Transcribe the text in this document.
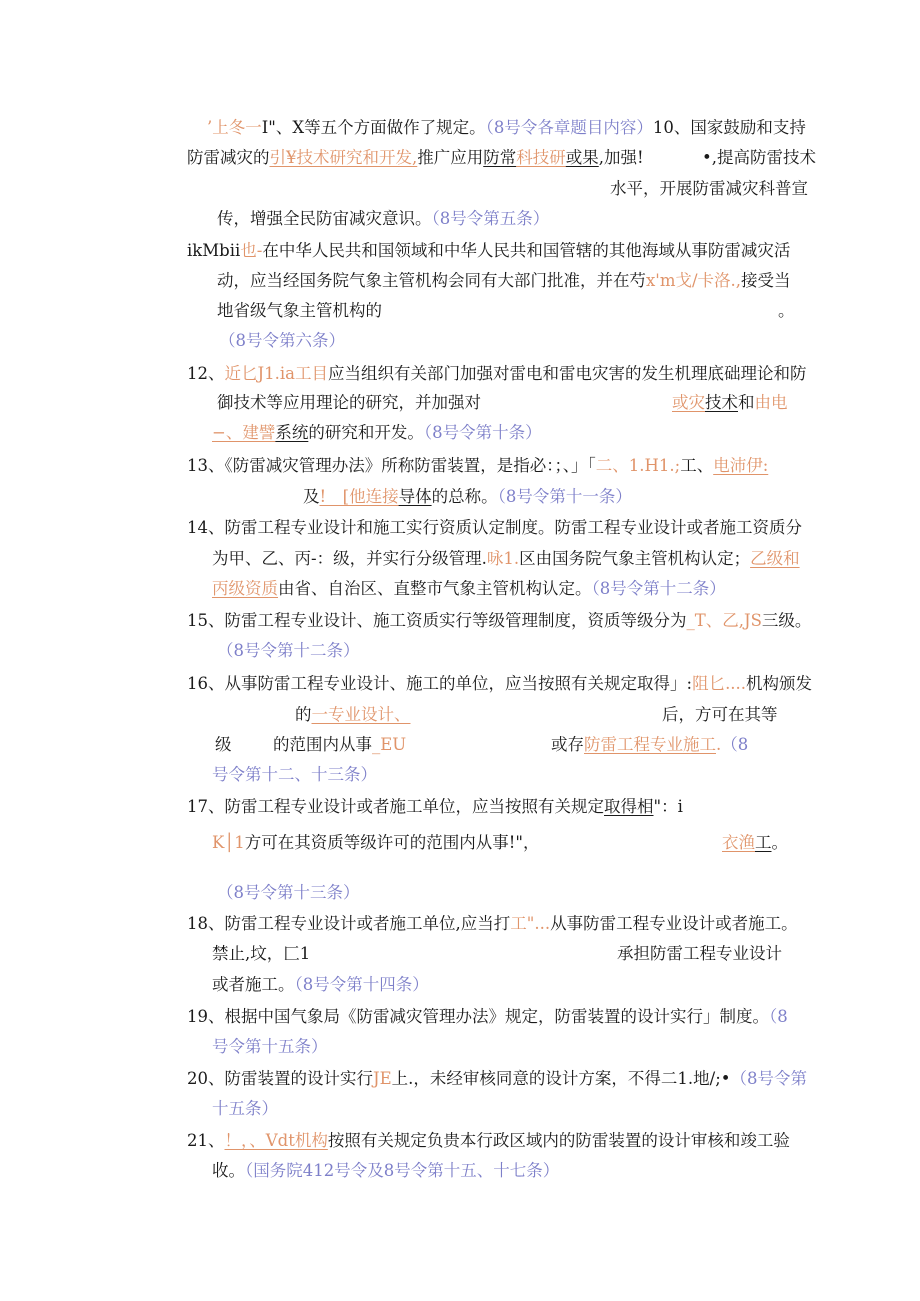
’上冬一I"、X等五个方面做作了规定。（8号令各章题目内容）10、国家鼓励和支持
防雷减灾的引¥技术研究和开发,推广应用防常科技研或果,加强!	•,提高防雷技术
水平，开展防雷减灾科普宣
传，增强全民防宙减灾意识。（8号令第五条）
ikMbii也-在中华人民共和国领域和中华人民共和国管辖的其他海域从事防雷减灾活
动，应当经国务院气象主管机构会同有大部门批准，并在芍x'm戈/卡洛.,接受当
地省级气象主管机构的	。
（8号令第六条）
12、近匕J1.ia工目应当组织有关部门加强对雷电和雷电灾害的发生机理底础理论和防
御技术等应用理论的研究，并加强对	或灾技术和由电
−、建譬系统的研究和开发。（8号令第十条）
13、《防雷减灾管理办法》所称防雷装置，是指必：；、」「二、1.H1.;工、电沛伊:
及!　[他连接导体的总称。（8号令第十一条）
14、防雷工程专业设计和施工实行资质认定制度。防雷工程专业设计或者施工资质分
为甲、乙、丙-：级，并实行分级管理.咏1.区由国务院气象主管机构认定；乙级和
丙级资质由省、自治区、直整市气象主管机构认定。（8号令第十二条）
15、防雷工程专业设计、施工资质实行等级管理制度，资质等级分为_T、乙,JS三级。
（8号令第十二条）
16、从事防雷工程专业设计、施工的单位，应当按照有关规定取得」:阻匕....机构颁发
的一专业设计、	后，方可在其等
级	的范围内从事_EU	或存防雷工程专业施工.（8
号令第十二、十三条）
17、防雷工程专业设计或者施工单位，应当按照有关规定取得相"：i
K│1方可在其资质等级许可的范围内从事!"，	衣渔工。
（8号令第十三条）
18、防雷工程专业设计或者施工单位,应当打工"...从事防雷工程专业设计或者施工。
禁止,坟，匚1	承担防雷工程专业设计
或者施工。（8号令第十四条）
19、根据中国气象局《防雷减灾管理办法》规定，防雷装置的设计实行」制度。（8
号令第十五条）
20、防雷装置的设计实行JE上.，未经审核同意的设计方案，不得二1.地/;•（8号令第
十五条）
21、！，、Vdt机构按照有关规定负贵本行政区域内的防雷装置的设计审核和竣工验
收。（国务院412号令及8号令第十五、十七条）
